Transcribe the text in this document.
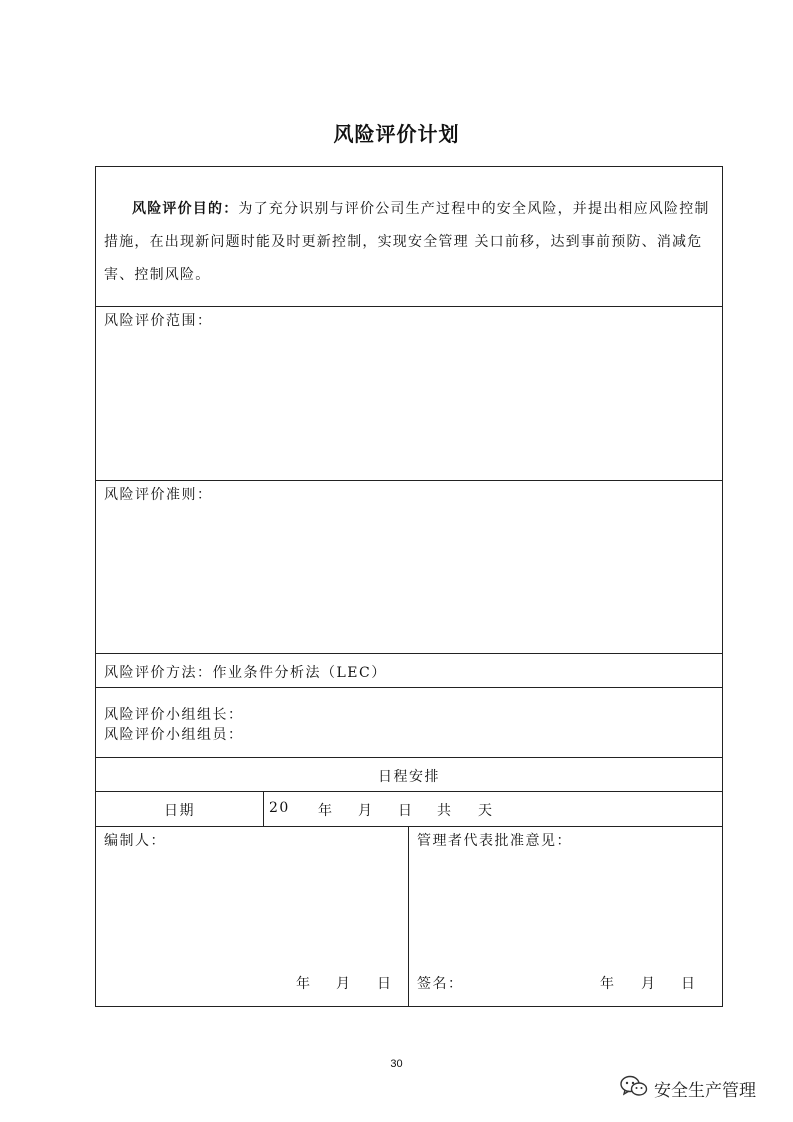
风险评价计划
风险评价目的：为了充分识别与评价公司生产过程中的安全风险，并提出相应风险控制措施，在出现新问题时能及时更新控制，实现安全管理 关口前移，达到事前预防、消减危害、控制风险。
风险评价范围：
风险评价准则：
风险评价方法：作业条件分析法（LEC）
风险评价小组组长：
风险评价小组组员：
日程安排
日期	20 年 月 日 共 天
编制人：
年 月 日
管理者代表批准意见：
签名：	年 月 日
30
安全生产管理
